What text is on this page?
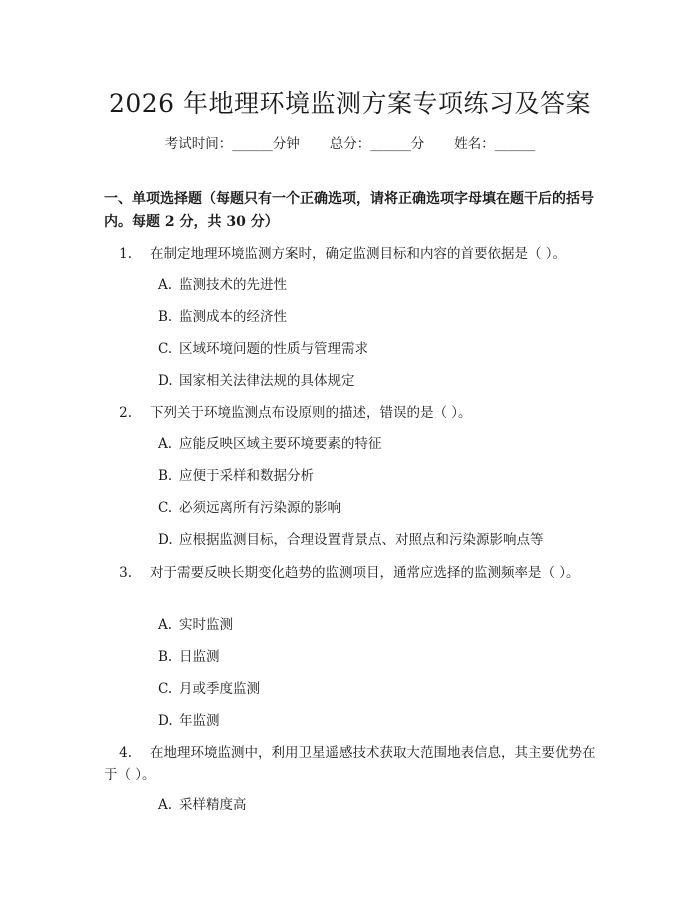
2026 年地理环境监测方案专项练习及答案
考试时间：______分钟 总分：______分 姓名：______

一、单项选择题（每题只有一个正确选项，请将正确选项字母填在题干后的括号内。每题 2 分，共 30 分）

1. 在制定地理环境监测方案时，确定监测目标和内容的首要依据是（ ）。

A. 监测技术的先进性

B. 监测成本的经济性

C. 区域环境问题的性质与管理需求

D. 国家相关法律法规的具体规定

2. 下列关于环境监测点布设原则的描述，错误的是（ ）。

A. 应能反映区域主要环境要素的特征

B. 应便于采样和数据分析

C. 必须远离所有污染源的影响

D. 应根据监测目标，合理设置背景点、对照点和污染源影响点等

3. 对于需要反映长期变化趋势的监测项目，通常应选择的监测频率是（ ）。

A. 实时监测

B. 日监测

C. 月或季度监测

D. 年监测

4. 在地理环境监测中，利用卫星遥感技术获取大范围地表信息，其主要优势在于（ ）。

A. 采样精度高
